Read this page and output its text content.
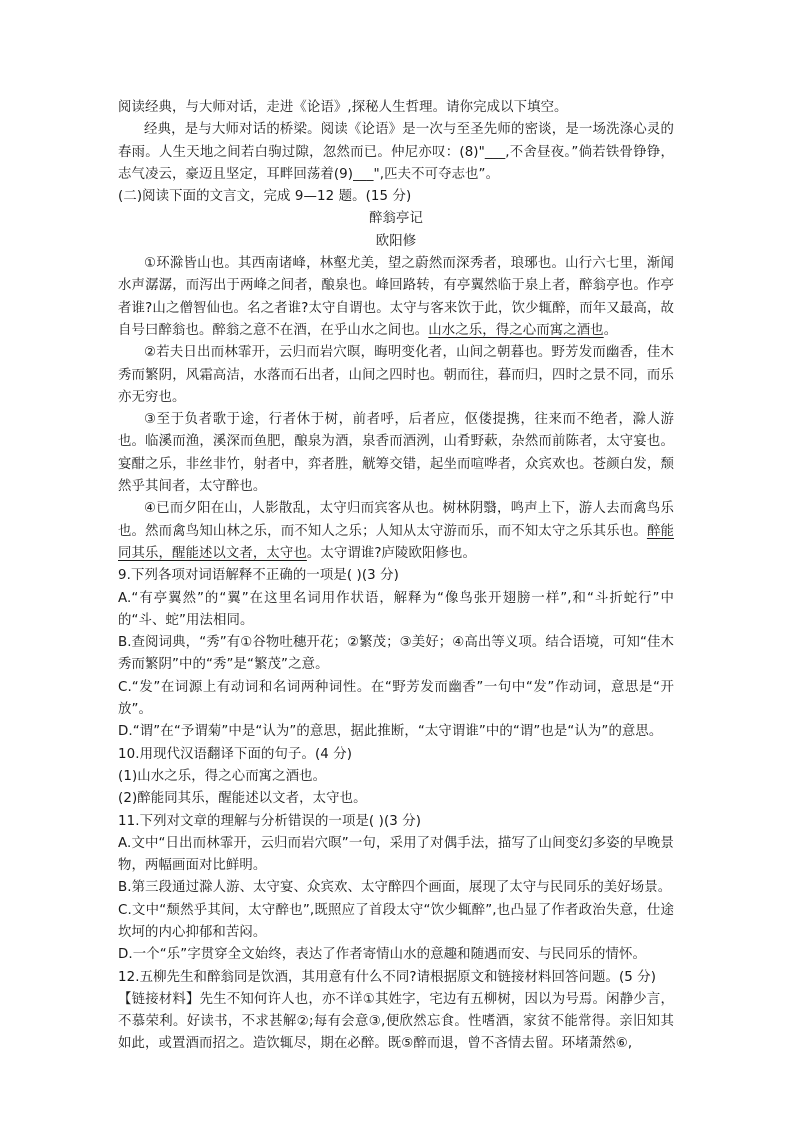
阅读经典，与大师对话，走进《论语》,探秘人生哲理。请你完成以下填空。

经典，是与大师对话的桥梁。阅读《论语》是一次与至圣先师的密谈，是一场洗涤心灵的春雨。人生天地之间若白驹过隙，忽然而已。仲尼亦叹：(8)"___,不舍昼夜。”倘若铁骨铮铮，志气凌云，豪迈且坚定，耳畔回荡着(9)___",匹夫不可夺志也”。

(二)阅读下面的文言文，完成 9—12 题。(15 分)

醉翁亭记

欧阳修

①环滁皆山也。其西南诸峰，林壑尤美，望之蔚然而深秀者，琅琊也。山行六七里，渐闻水声潺潺，而泻出于两峰之间者，酿泉也。峰回路转，有亭翼然临于泉上者，醉翁亭也。作亭者谁?山之僧智仙也。名之者谁?太守自谓也。太守与客来饮于此，饮少辄醉，而年又最高，故自号曰醉翁也。醉翁之意不在酒，在乎山水之间也。山水之乐，得之心而寓之酒也。

②若夫日出而林霏开，云归而岩穴暝，晦明变化者，山间之朝暮也。野芳发而幽香，佳木秀而繁阴，风霜高洁，水落而石出者，山间之四时也。朝而往，暮而归，四时之景不同，而乐亦无穷也。

③至于负者歌于途，行者休于树，前者呼，后者应，伛偻提携，往来而不绝者，滁人游也。临溪而渔，溪深而鱼肥，酿泉为酒，泉香而酒洌，山肴野蔌，杂然而前陈者，太守宴也。宴酣之乐，非丝非竹，射者中，弈者胜，觥筹交错，起坐而喧哗者，众宾欢也。苍颜白发，颓然乎其间者，太守醉也。

④已而夕阳在山，人影散乱，太守归而宾客从也。树林阴翳，鸣声上下，游人去而禽鸟乐也。然而禽鸟知山林之乐，而不知人之乐；人知从太守游而乐，而不知太守之乐其乐也。醉能同其乐，醒能述以文者，太守也。太守谓谁?庐陵欧阳修也。

9.下列各项对词语解释不正确的一项是( )(3 分)

A.“有亭翼然”的“翼”在这里名词用作状语，解释为“像鸟张开翅膀一样”,和“斗折蛇行”中的“斗、蛇”用法相同。

B.查阅词典，“秀”有①谷物吐穗开花；②繁茂；③美好；④高出等义项。结合语境，可知“佳木秀而繁阴”中的“秀”是“繁茂”之意。

C.“发”在词源上有动词和名词两种词性。在“野芳发而幽香”一句中“发”作动词，意思是“开放”。

D.“谓”在“予谓菊”中是“认为”的意思，据此推断，“太守谓谁”中的“谓”也是“认为”的意思。

10.用现代汉语翻译下面的句子。(4 分)

(1)山水之乐，得之心而寓之酒也。

(2)醉能同其乐，醒能述以文者，太守也。

11.下列对文章的理解与分析错误的一项是( )(3 分)

A.文中“日出而林霏开，云归而岩穴暝”一句，采用了对偶手法，描写了山间变幻多姿的早晚景物，两幅画面对比鲜明。

B.第三段通过滁人游、太守宴、众宾欢、太守醉四个画面，展现了太守与民同乐的美好场景。

C.文中“颓然乎其间，太守醉也”,既照应了首段太守“饮少辄醉”,也凸显了作者政治失意，仕途坎坷的内心抑郁和苦闷。

D.一个“乐”字贯穿全文始终，表达了作者寄情山水的意趣和随遇而安、与民同乐的情怀。

12.五柳先生和醉翁同是饮酒，其用意有什么不同?请根据原文和链接材料回答问题。(5 分)

【链接材料】先生不知何许人也，亦不详①其姓字，宅边有五柳树，因以为号焉。闲静少言，不慕荣利。好读书，不求甚解②;每有会意③,便欣然忘食。性嗜酒，家贫不能常得。亲旧知其如此，或置酒而招之。造饮辄尽，期在必醉。既⑤醉而退，曾不吝情去留。环堵萧然⑥,
